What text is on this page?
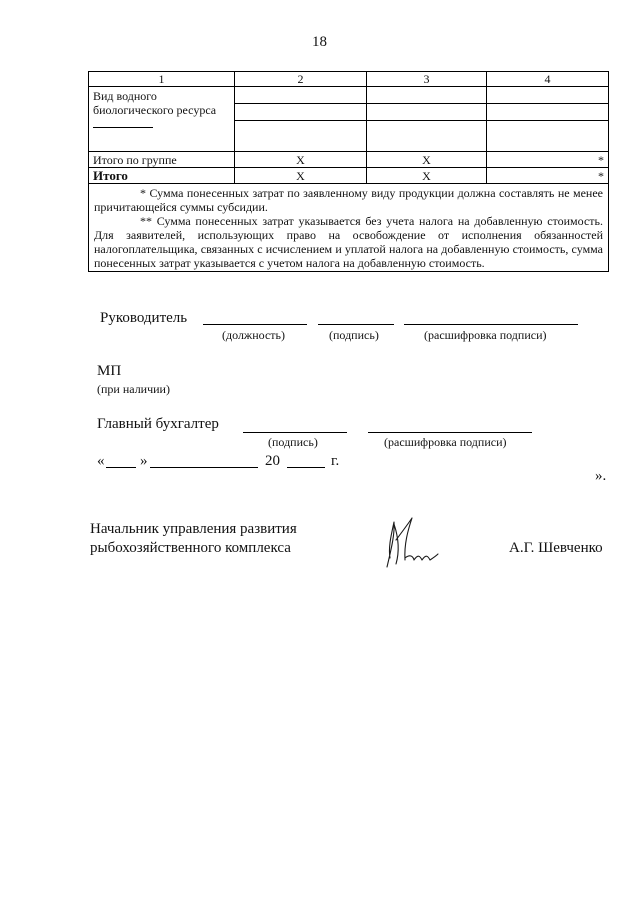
18
1	2	3	4
Вид водного биологического ресурса

Итого по группе	X	X	*
Итого	X	X	*

* Сумма понесенных затрат по заявленному виду продукции должна составлять не менее причитающейся суммы субсидии.

** Сумма понесенных затрат указывается без учета налога на добавленную стоимость. Для заявителей, использующих право на освобождение от исполнения обязанностей налогоплательщика, связанных с исчислением и уплатой налога на добавленную стоимость, сумма понесенных затрат указывается с учетом налога на добавленную стоимость.			

Руководитель
(должность)	(подпись)	(расшифровка подписи)
МП
(при наличии)
Главный бухгалтер
(подпись)	(расшифровка подписи)
« »	20	г.
».
Начальник управления развития
рыбохозяйственного комплекса	А.Г. Шевченко
